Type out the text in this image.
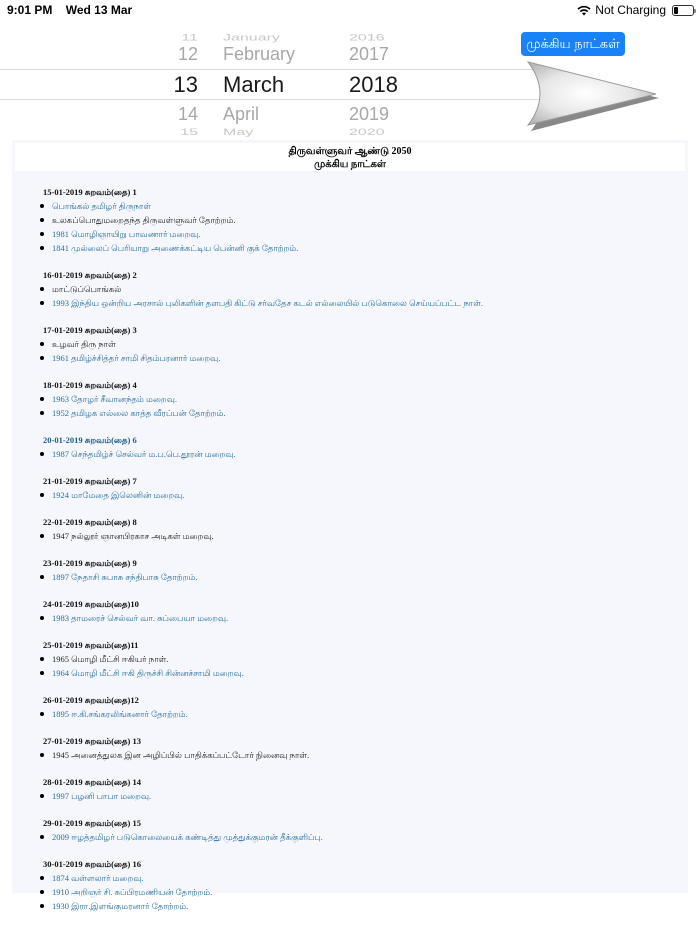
9:01 PM Wed 13 Mar	Not Charging
11 January	2016
12 February	2017
13 March	2018
14 April	2019
15 May	2020
முக்கிய நாட்கள்
திருவள்ளுவர் ஆண்டு 2050
முக்கிய நாட்கள்
15-01-2019 சுறவம்(தை) 1
பொங்கல் தமிழர் திருநாள்
உலகப்பொதுமறைதந்த திருவள்ளுவர் தோற்றம்.
1981 மொழிஞாயிறு பாவணார் மறைவு.
1841 முல்லைப் பெரியாறு அணைக்கட்டிய பென்னி குக் தோற்றம்.
16-01-2019 சுறவம்(தை) 2
மாட்டுப்பொங்கல்
1993 இந்திய ஒன்றிய அரசால் புலிகளின் தளபதி கிட்டு சர்வதேச கடல் எல்லையில் படுகொலை செய்யப்பட்ட நாள்.
17-01-2019 சுறவம்(தை) 3
உழவர் திரு நாள்
1961 தமிழ்ச்சித்தர் சாமி சிதம்பரனார் மறைவு.
18-01-2019 சுறவம்(தை) 4
1963 தோழர் சீவானந்தம் மறைவு.
1952 தமிழக எல்லை காத்த வீரப்பன் தோற்றம்.
20-01-2019 சுறவம்(தை) 6
1987 செந்தமிழ்ச் செல்வர் ம.ப.பெ.தூரன் மறைவு.
21-01-2019 சுறவம்(தை) 7
1924 மாமேதை இலெனின் மறைவு.
22-01-2019 சுறவம்(தை) 8
1947 நல்லூர் ஞானபிரகாச அடிகள் மறைவு.
23-01-2019 சுறவம்(தை) 9
1897 நேதாசி சுபாசு சந்திபாசு தோற்றம்.
24-01-2019 சுறவம்(தை)10
1983 தாமரைச் செல்வர் வா. சுப்பையா மறைவு.
25-01-2019 சுறவம்(தை)11
1965 மொழி மீட்சி ஈகியர் நாள்.
1964 மொழி மீட்சி ஈகி திருச்சி சின்னச்சாமி மறைவு.
26-01-2019 சுறவம்(தை)12
1895 ஈ.கி.சங்கரலிங்கனார் தோற்றம்.
27-01-2019 சுறவம்(தை) 13
1945 அனைத்துலக இன அழிப்பில் பாதிக்கப்பட்டோர் நினைவு நாள்.
28-01-2019 சுறவம்(தை) 14
1997 பழனி பாபா மறைவு.
29-01-2019 சுறவம்(தை) 15
2009 ஈழத்தமிழர் படுகொலையைக் கண்டித்து முத்துக்குமரன் தீக்குளிப்பு.
30-01-2019 சுறவம்(தை) 16
1874 வள்ளலார் மறைவு.
1910 அறிஞர் சி. சுப்பிரமணியன் தோற்றம்.
1930 இரா.இளங்குமரனார் தோற்றம்.
